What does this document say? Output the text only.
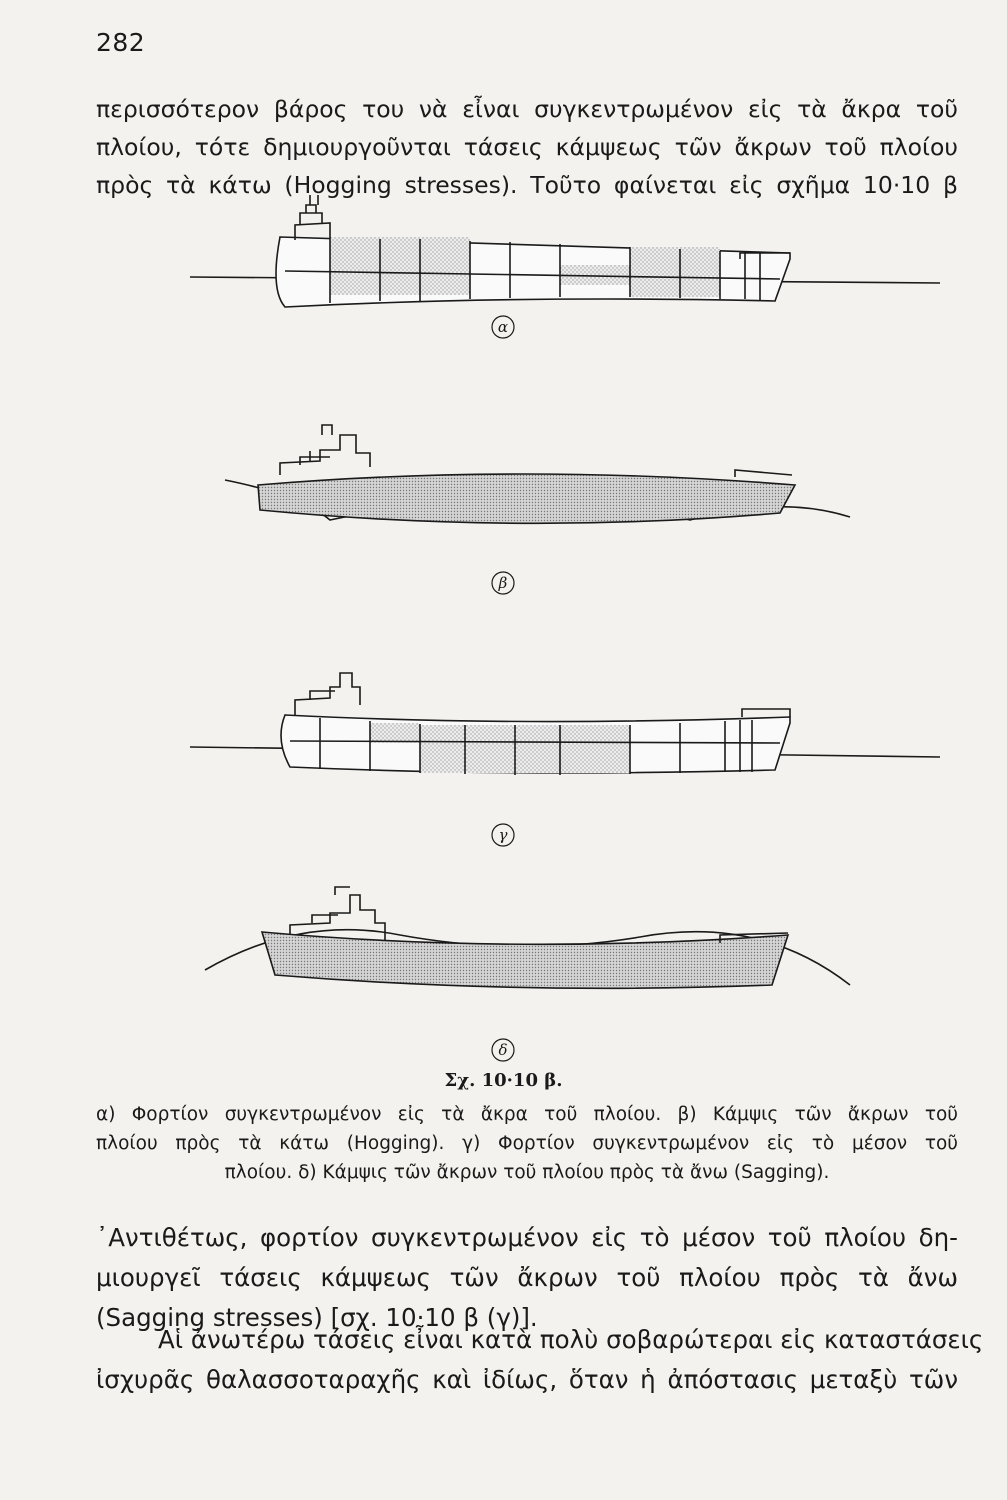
282
περισσότερον βάρος του νὰ εἶναι συγκεντρωμένον εἰς τὰ ἄκρα τοῦ
πλοίου, τότε δημιουργοῦνται τάσεις κάμψεως τῶν ἄκρων τοῦ πλοίου
πρὸς τὰ κάτω (Hogging stresses). Τοῦτο φαίνεται εἰς σχῆμα 10·10 β
α
β
γ
δ
Σχ. 10·10 β.
α) Φορτίον συγκεντρωμένον εἰς τὰ ἄκρα τοῦ πλοίου. β) Κάμψις τῶν ἄκρων τοῦ
πλοίου πρὸς τὰ κάτω (Hogging). γ) Φορτίον συγκεντρωμένον εἰς τὸ μέσον τοῦ
πλοίου. δ) Κάμψις τῶν ἄκρων τοῦ πλοίου πρὸς τὰ ἄνω (Sagging).
᾿Αντιθέτως, φορτίον συγκεντρωμένον εἰς τὸ μέσον τοῦ πλοίου δη-
μιουργεῖ τάσεις κάμψεως τῶν ἄκρων τοῦ πλοίου πρὸς τὰ ἄνω
(Sagging stresses) [σχ. 10·10 β (γ)].
Αἱ ἀνωτέρω τάσεις εἶναι κατὰ πολὺ σοβαρώτεραι εἰς καταστάσεις
ἰσχυρᾶς θαλασσοταραχῆς καὶ ἰδίως, ὅταν ἡ ἀπόστασις μεταξὺ τῶν
